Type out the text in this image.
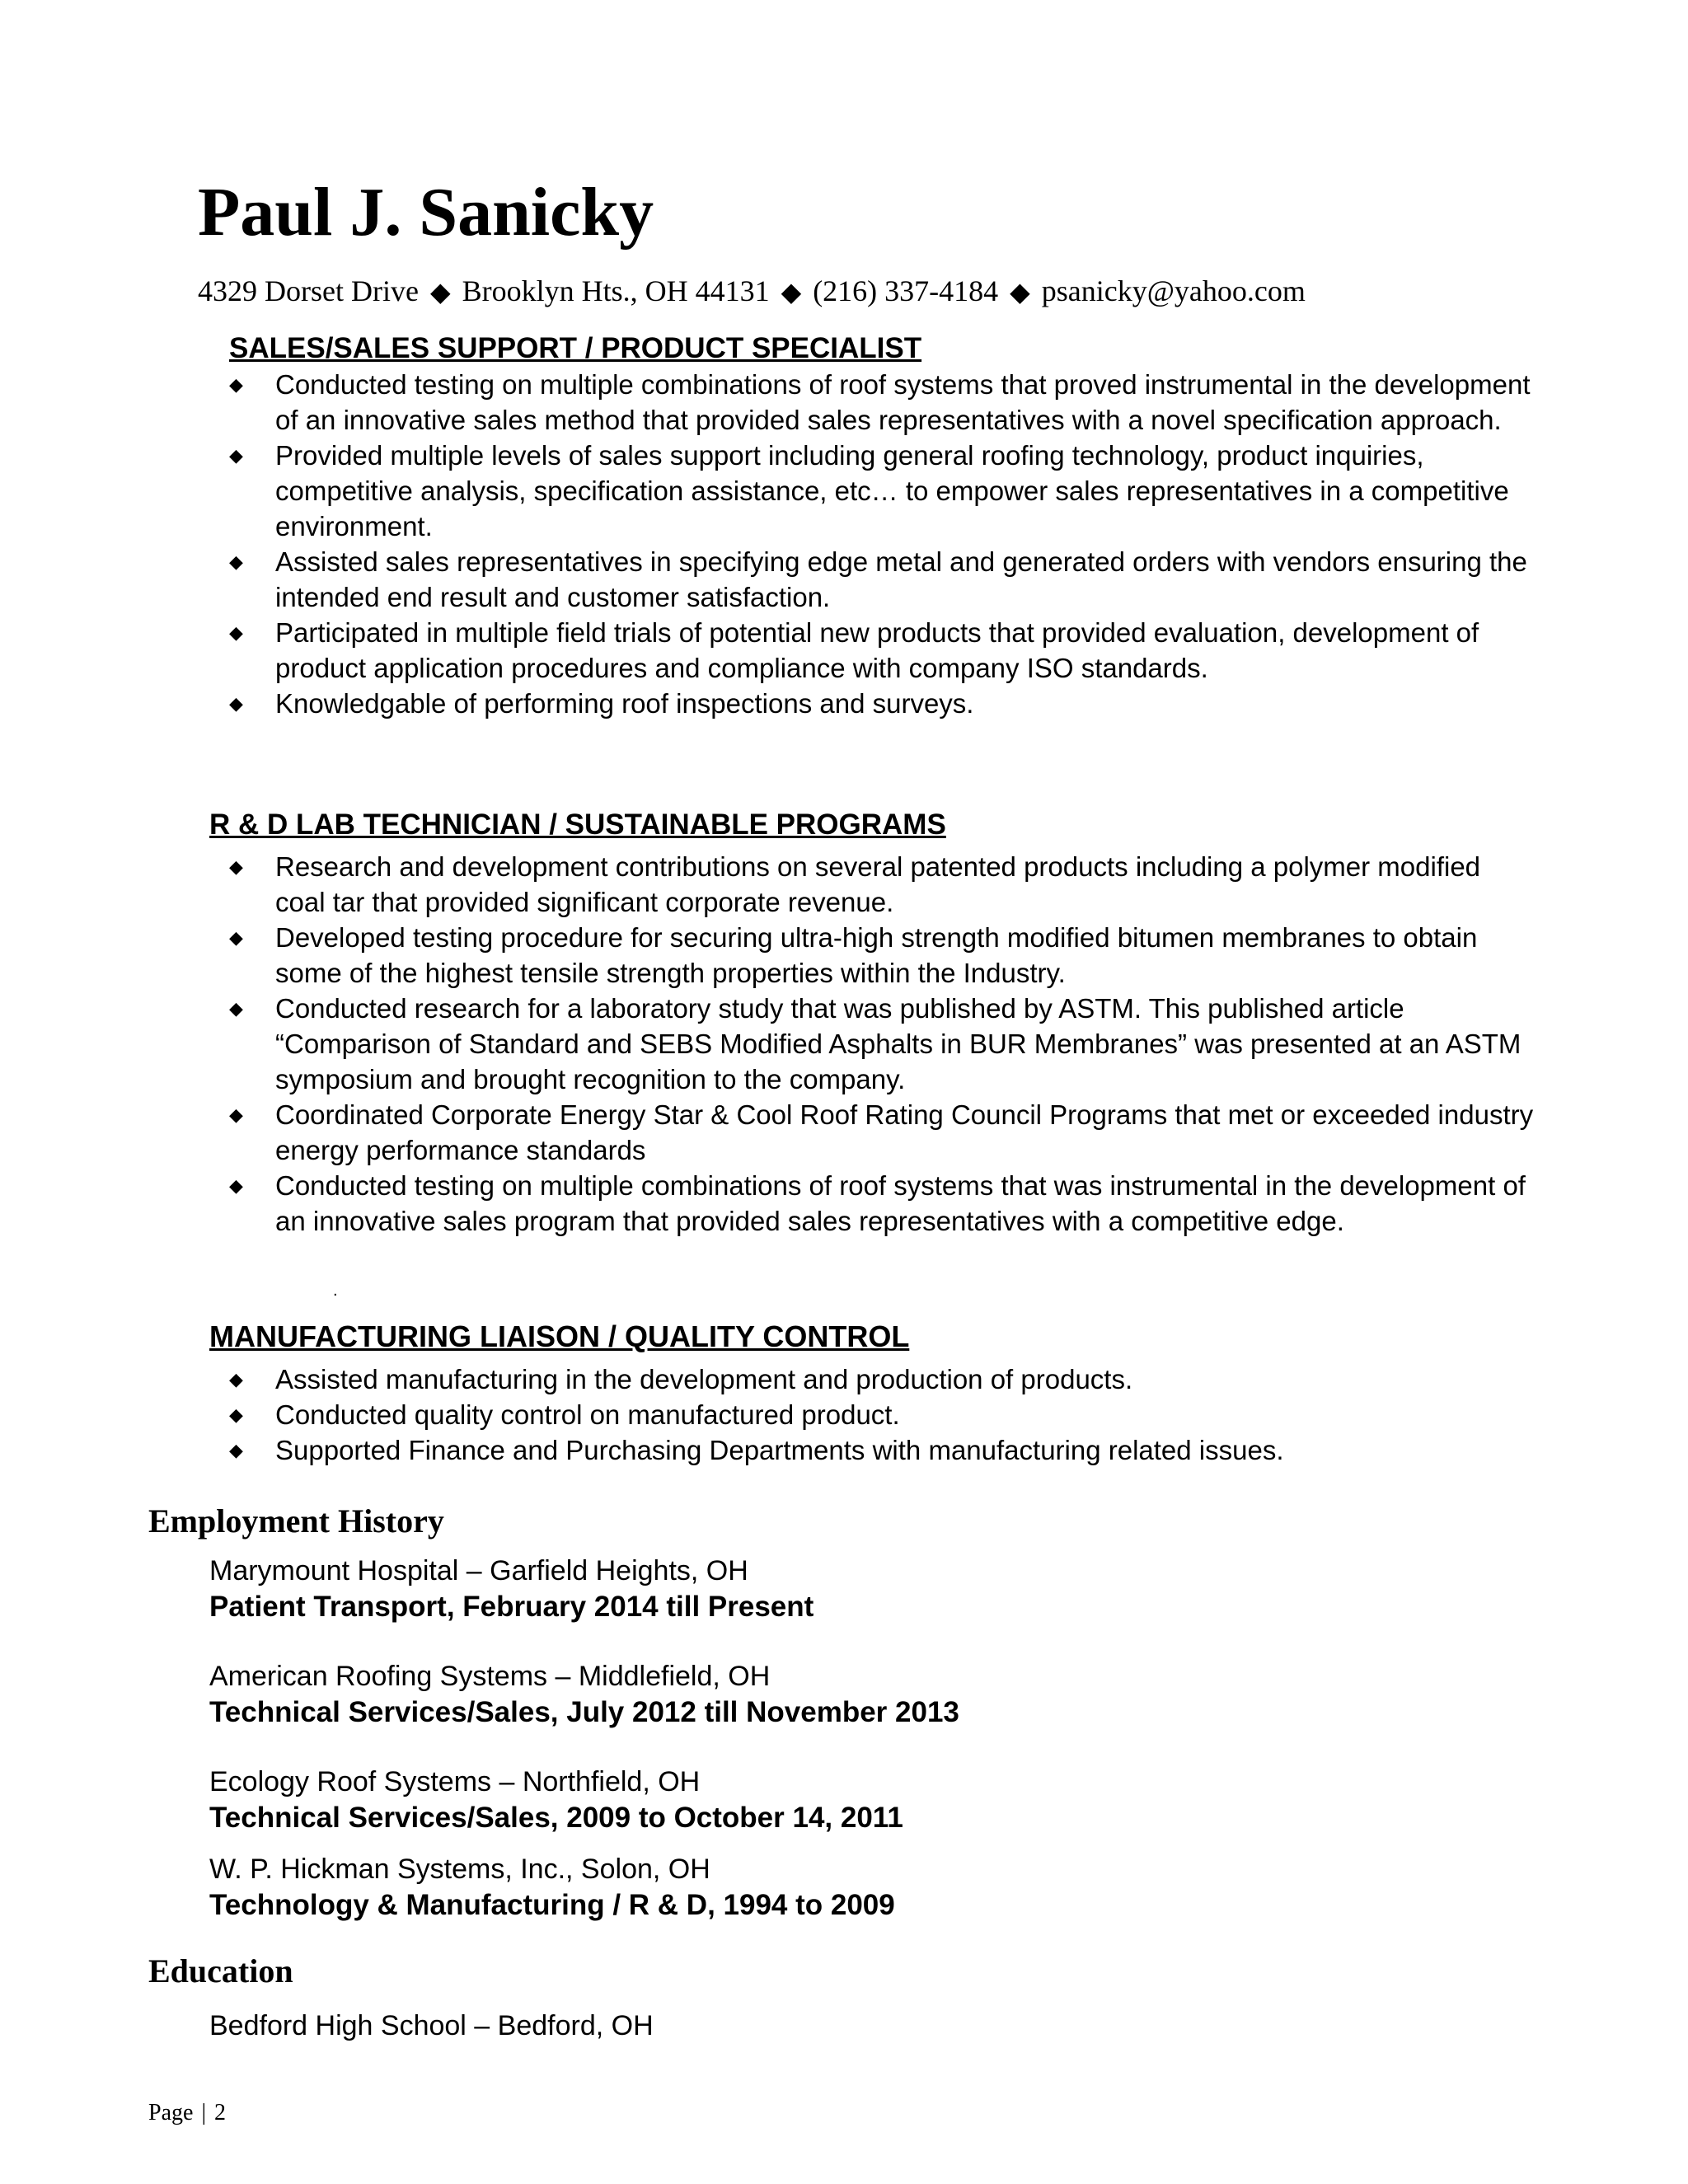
Paul J. Sanicky
4329 Dorset Drive ◆ Brooklyn Hts., OH 44131 ◆ (216) 337-4184 ◆ psanicky@yahoo.com
SALES/SALES SUPPORT / PRODUCT SPECIALIST
◆ Conducted testing on multiple combinations of roof systems that proved instrumental in the development of an innovative sales method that provided sales representatives with a novel specification approach.
◆ Provided multiple levels of sales support including general roofing technology, product inquiries, competitive analysis, specification assistance, etc… to empower sales representatives in a competitive environment.
◆ Assisted sales representatives in specifying edge metal and generated orders with vendors ensuring the intended end result and customer satisfaction.
◆ Participated in multiple field trials of potential new products that provided evaluation, development of product application procedures and compliance with company ISO standards.
◆ Knowledgable of performing roof inspections and surveys.
R & D LAB TECHNICIAN / SUSTAINABLE PROGRAMS
◆ Research and development contributions on several patented products including a polymer modified coal tar that provided significant corporate revenue.
◆ Developed testing procedure for securing ultra-high strength modified bitumen membranes to obtain some of the highest tensile strength properties within the Industry.
◆ Conducted research for a laboratory study that was published by ASTM. This published article “Comparison of Standard and SEBS Modified Asphalts in BUR Membranes” was presented at an ASTM symposium and brought recognition to the company.
◆ Coordinated Corporate Energy Star & Cool Roof Rating Council Programs that met or exceeded industry energy performance standards
◆ Conducted testing on multiple combinations of roof systems that was instrumental in the development of an innovative sales program that provided sales representatives with a competitive edge.
.
MANUFACTURING LIAISON / QUALITY CONTROL
◆ Assisted manufacturing in the development and production of products.
◆ Conducted quality control on manufactured product.
◆ Supported Finance and Purchasing Departments with manufacturing related issues.
Employment History
Marymount Hospital – Garfield Heights, OH
Patient Transport, February 2014 till Present
American Roofing Systems – Middlefield, OH
Technical Services/Sales, July 2012 till November 2013
Ecology Roof Systems – Northfield, OH
Technical Services/Sales, 2009 to October 14, 2011
W. P. Hickman Systems, Inc., Solon, OH
Technology & Manufacturing / R & D, 1994 to 2009
Education
Bedford High School – Bedford, OH
Page | 2
